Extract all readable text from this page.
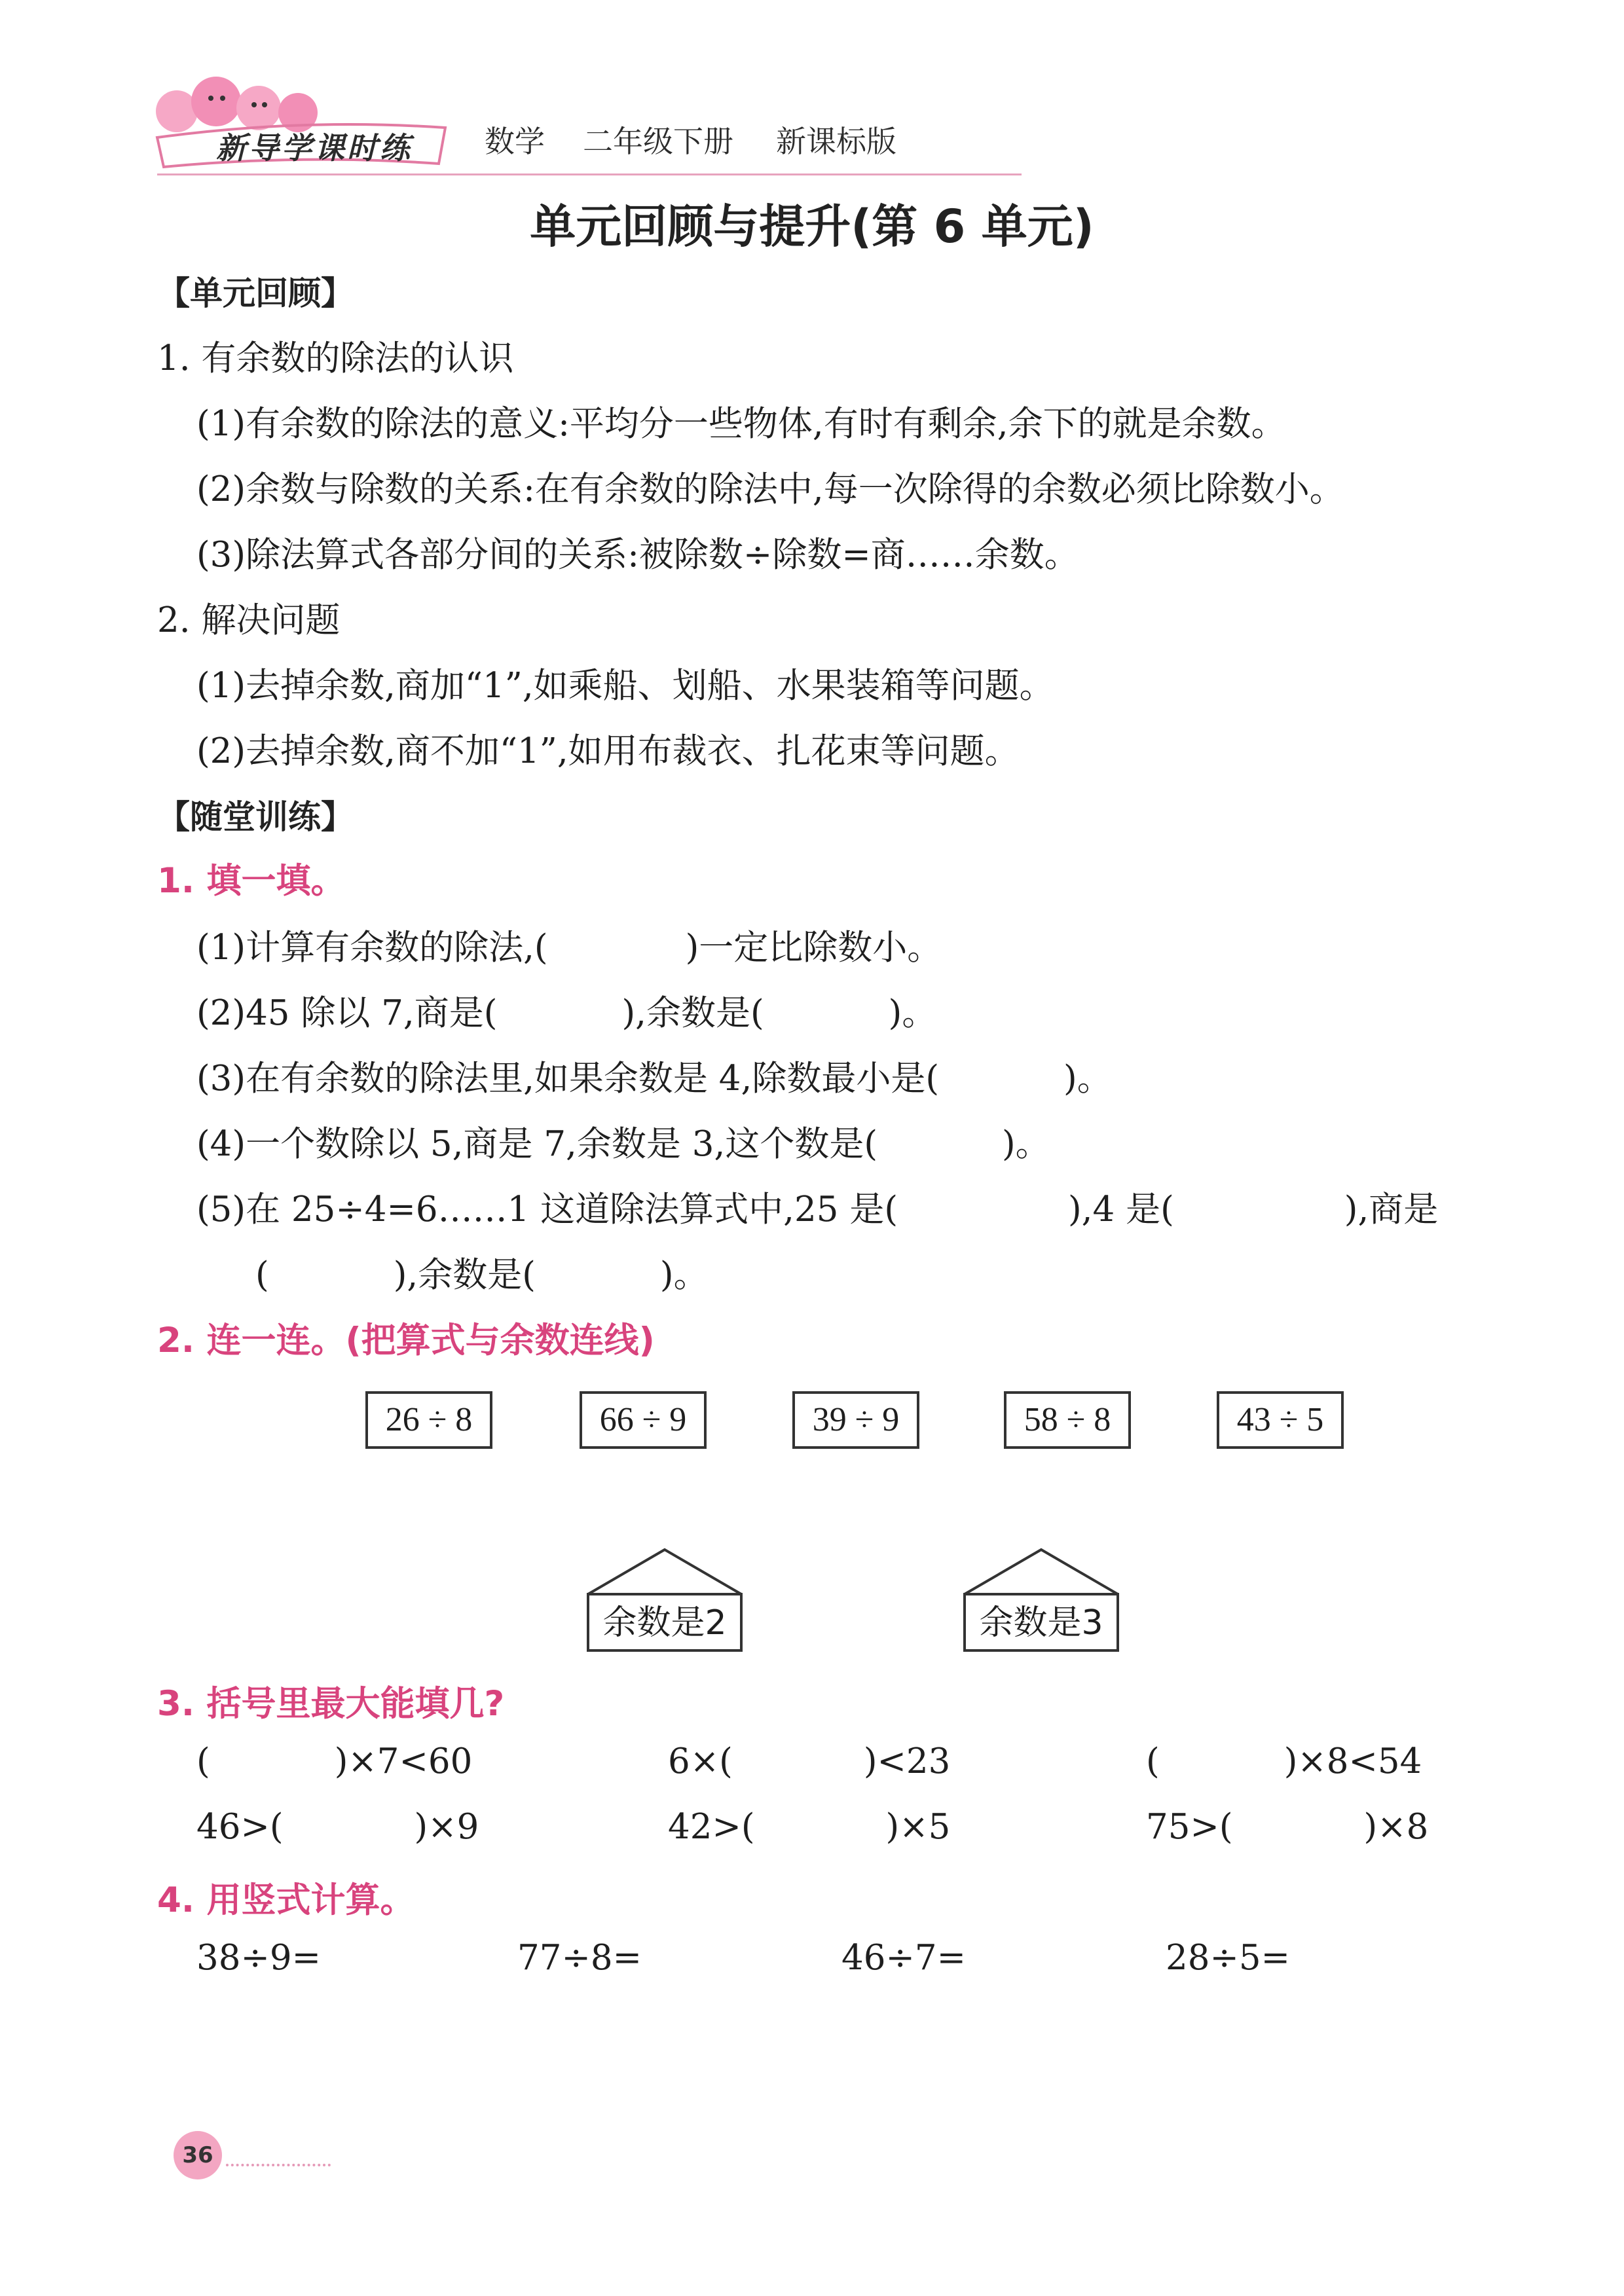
新导学课时练 数学 二年级下册 新课标版
单元回顾与提升(第 6 单元)
【单元回顾】
1. 有余数的除法的认识
(1)有余数的除法的意义:平均分一些物体,有时有剩余,余下的就是余数。
(2)余数与除数的关系:在有余数的除法中,每一次除得的余数必须比除数小。
(3)除法算式各部分间的关系:被除数÷除数=商……余数。
2. 解决问题
(1)去掉余数,商加“1”,如乘船、划船、水果装箱等问题。
(2)去掉余数,商不加“1”,如用布裁衣、扎花束等问题。
【随堂训练】
1. 填一填。
(1)计算有余数的除法,(	)一定比除数小。
(2)45 除以 7,商是(	),余数是(	)。
(3)在有余数的除法里,如果余数是 4,除数最小是(	)。
(4)一个数除以 5,商是 7,余数是 3,这个数是(	)。
(5)在 25÷4=6……1 这道除法算式中,25 是(	),4 是(	),商是
(	),余数是(	)。
2. 连一连。(把算式与余数连线)
26 ÷ 8	66 ÷ 9	39 ÷ 9	58 ÷ 8	43 ÷ 5
余数是2	余数是3
3. 括号里最大能填几?
(	)×7<60	6×(	)<23	(	)×8<54
46>(	)×9	42>(	)×5	75>(	)×8
4. 用竖式计算。
38÷9=	77÷8=	46÷7=	28÷5=
36
